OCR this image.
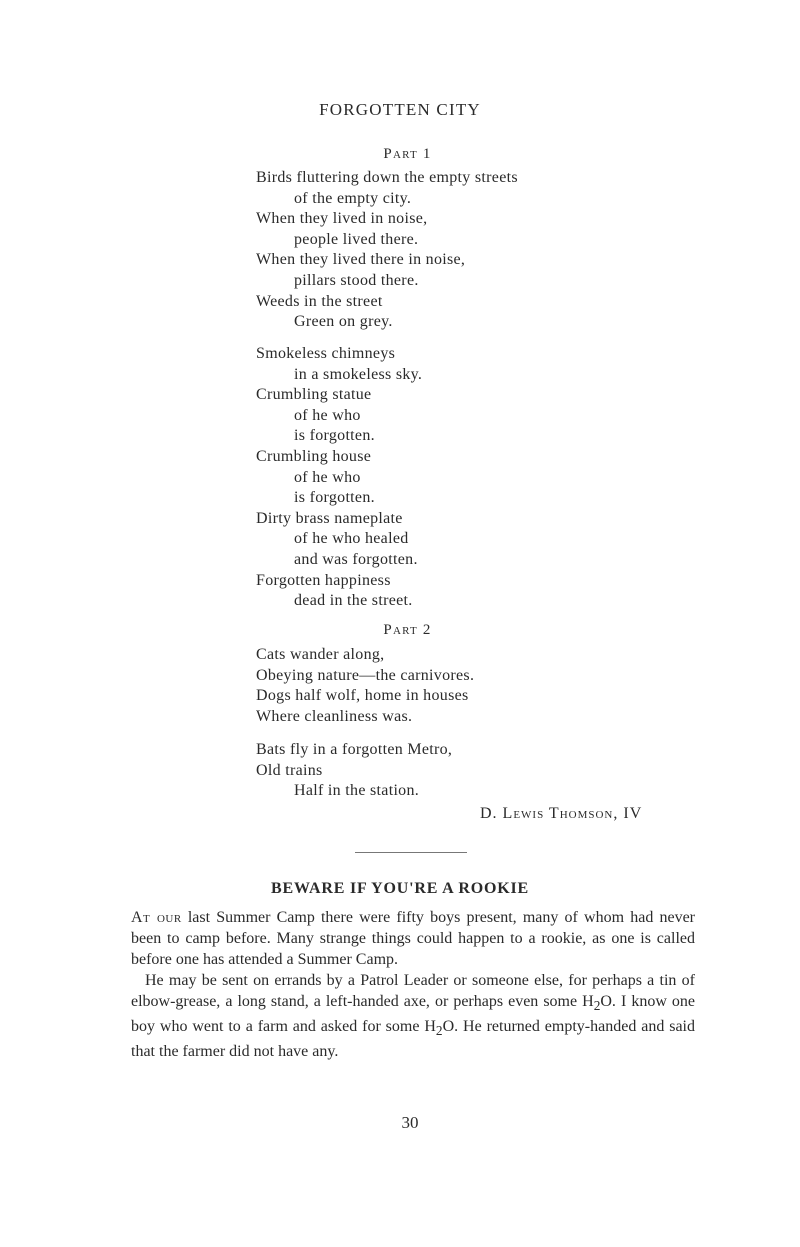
FORGOTTEN CITY
Part 1
Birds fluttering down the empty streets
of the empty city.
When they lived in noise,
people lived there.
When they lived there in noise,
pillars stood there.
Weeds in the street
Green on grey.
Smokeless chimneys
in a smokeless sky.
Crumbling statue
of he who
is forgotten.
Crumbling house
of he who
is forgotten.
Dirty brass nameplate
of he who healed
and was forgotten.
Forgotten happiness
dead in the street.
Part 2
Cats wander along,
Obeying nature—the carnivores.
Dogs half wolf, home in houses
Where cleanliness was.
Bats fly in a forgotten Metro,
Old trains
Half in the station.
D. Lewis Thomson, IV
BEWARE IF YOU'RE A ROOKIE

At our last Summer Camp there were fifty boys present, many of whom had never been to camp before. Many strange things could happen to a rookie, as one is called before one has attended a Summer Camp.

He may be sent on errands by a Patrol Leader or someone else, for perhaps a tin of elbow-grease, a long stand, a left-handed axe, or perhaps even some $H_2O$. I know one boy who went to a farm and asked for some $H_2O$. He returned empty-handed and said that the farmer did not have any.

30
